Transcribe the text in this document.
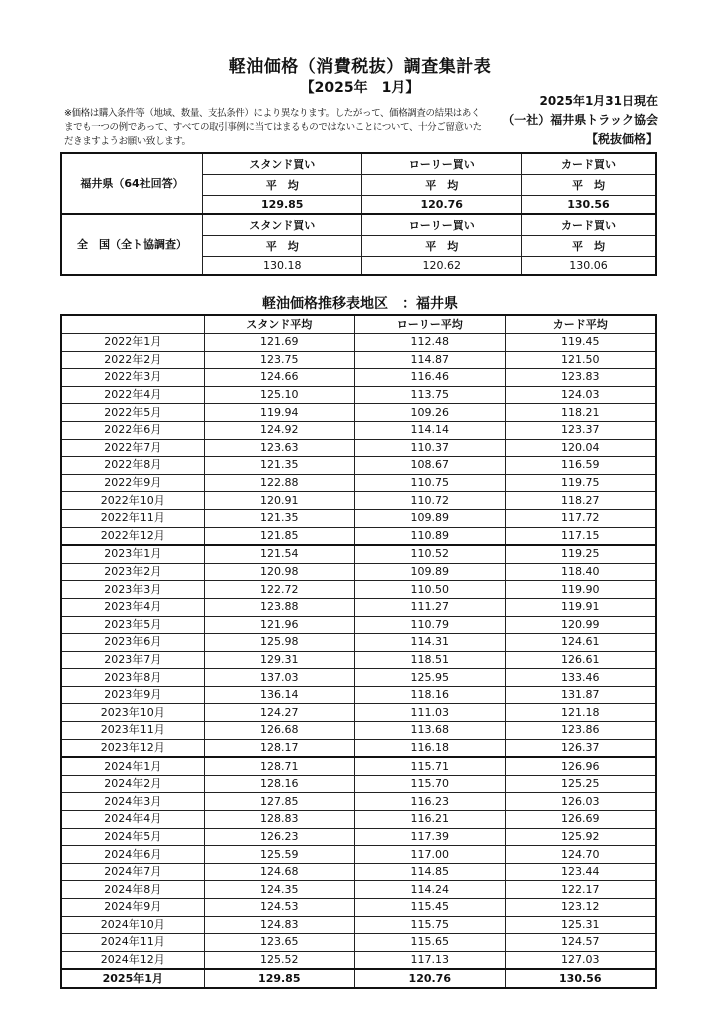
軽油価格（消費税抜）調査集計表
【2025年　1月】
※価格は購入条件等（地域、数量、支払条件）により異なります。したがって、価格調査の結果はあくまでも一つの例であって、すべての取引事例に当てはまるものではないことについて、十分ご留意いただきますようお願い致します。
2025年1月31日現在
（一社）福井県トラック協会
【税抜価格】
福井県（64社回答）	スタンド買い	ローリー買い	カード買い
	平　均	平　均	平　均
	129.85	120.76	130.56
全　国（全ト協調査）	スタンド買い	ローリー買い	カード買い
	平　均	平　均	平　均
	130.18	120.62	130.06
軽油価格推移表地区　：福井県
	スタンド平均	ローリー平均	カード平均
2022年1月	121.69	112.48	119.45
2022年2月	123.75	114.87	121.50
2022年3月	124.66	116.46	123.83
2022年4月	125.10	113.75	124.03
2022年5月	119.94	109.26	118.21
2022年6月	124.92	114.14	123.37
2022年7月	123.63	110.37	120.04
2022年8月	121.35	108.67	116.59
2022年9月	122.88	110.75	119.75
2022年10月	120.91	110.72	118.27
2022年11月	121.35	109.89	117.72
2022年12月	121.85	110.89	117.15
2023年1月	121.54	110.52	119.25
2023年2月	120.98	109.89	118.40
2023年3月	122.72	110.50	119.90
2023年4月	123.88	111.27	119.91
2023年5月	121.96	110.79	120.99
2023年6月	125.98	114.31	124.61
2023年7月	129.31	118.51	126.61
2023年8月	137.03	125.95	133.46
2023年9月	136.14	118.16	131.87
2023年10月	124.27	111.03	121.18
2023年11月	126.68	113.68	123.86
2023年12月	128.17	116.18	126.37
2024年1月	128.71	115.71	126.96
2024年2月	128.16	115.70	125.25
2024年3月	127.85	116.23	126.03
2024年4月	128.83	116.21	126.69
2024年5月	126.23	117.39	125.92
2024年6月	125.59	117.00	124.70
2024年7月	124.68	114.85	123.44
2024年8月	124.35	114.24	122.17
2024年9月	124.53	115.45	123.12
2024年10月	124.83	115.75	125.31
2024年11月	123.65	115.65	124.57
2024年12月	125.52	117.13	127.03
2025年1月	129.85	120.76	130.56
